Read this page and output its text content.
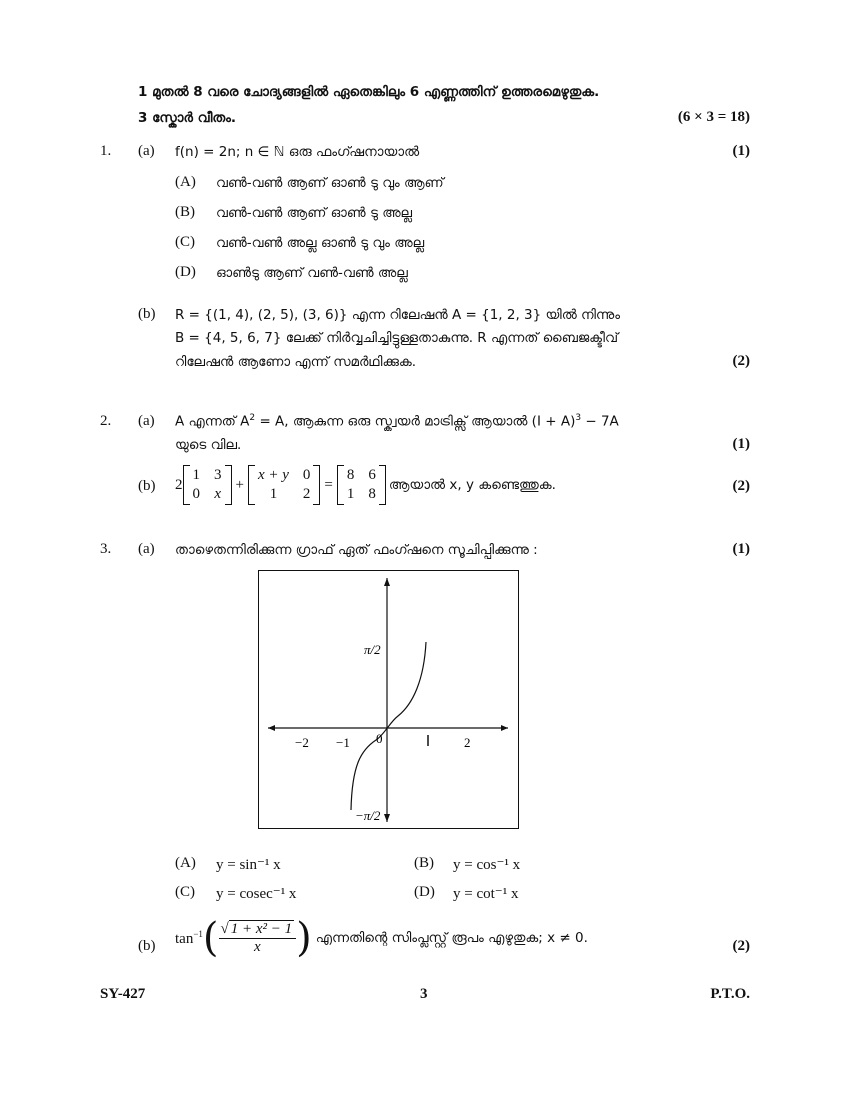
1 മുതൽ 8 വരെ ചോദ്യങ്ങളിൽ ഏതെങ്കിലും 6 എണ്ണത്തിന് ഉത്തരമെഴുതുക.
3 സ്കോർ വീതം.	(6 × 3 = 18)
1. (a) f(n) = 2n; n ∈ ℕ ഒരു ഫംഗ്ഷനായാൽ	(1)
(A) വൺ-വൺ ആണ് ഓൺ ടു വും ആണ്
(B) വൺ-വൺ ആണ് ഓൺ ടു അല്ല
(C) വൺ-വൺ അല്ല ഓൺ ടു വും അല്ല
(D) ഓൺടു ആണ് വൺ-വൺ അല്ല
(b) R = {(1, 4), (2, 5), (3, 6)} എന്ന റിലേഷൻ A = {1, 2, 3} യിൽ നിന്നും
B = {4, 5, 6, 7} ലേക്ക് നിർവ്വചിച്ചിട്ടുള്ളതാകുന്നു. R എന്നത് ബൈജക്ടീവ്
റിലേഷൻ ആണോ എന്ന് സമർഥിക്കുക.	(2)
2. (a) A എന്നത് $A^2 = A$, ആകുന്ന ഒരു സ്ക്വയർ മാട്രിക്സ് ആയാൽ $(I + A)^3 - 7A$
യുടെ വില.	(1)
(b) 2
1 3
0 x
+
x + y 0
1	2
=
8 6
1 8
ആയാൽ x, y കണ്ടെത്തുക.	(2)
3. (a) താഴെതന്നിരിക്കുന്ന ഗ്രാഫ് ഏത് ഫംഗ്ഷനെ സൂചിപ്പിക്കുന്നു :	(1)
π/2
−π/2
−2 −1 0	2
(A) y = sin⁻¹ x	(B) y = cos⁻¹ x
(C) y = cosec⁻¹ x	(D) y = cot⁻¹ x
(b) $\tan^{-1}$ ( $\frac{\text{√ 1 + x² − 1}}{x}$ ) എന്നതിന്റെ സിംപ്ലസ്റ്റ് രൂപം എഴുതുക; x ≠ 0.	(2)
SY-427	3	P.T.O.
